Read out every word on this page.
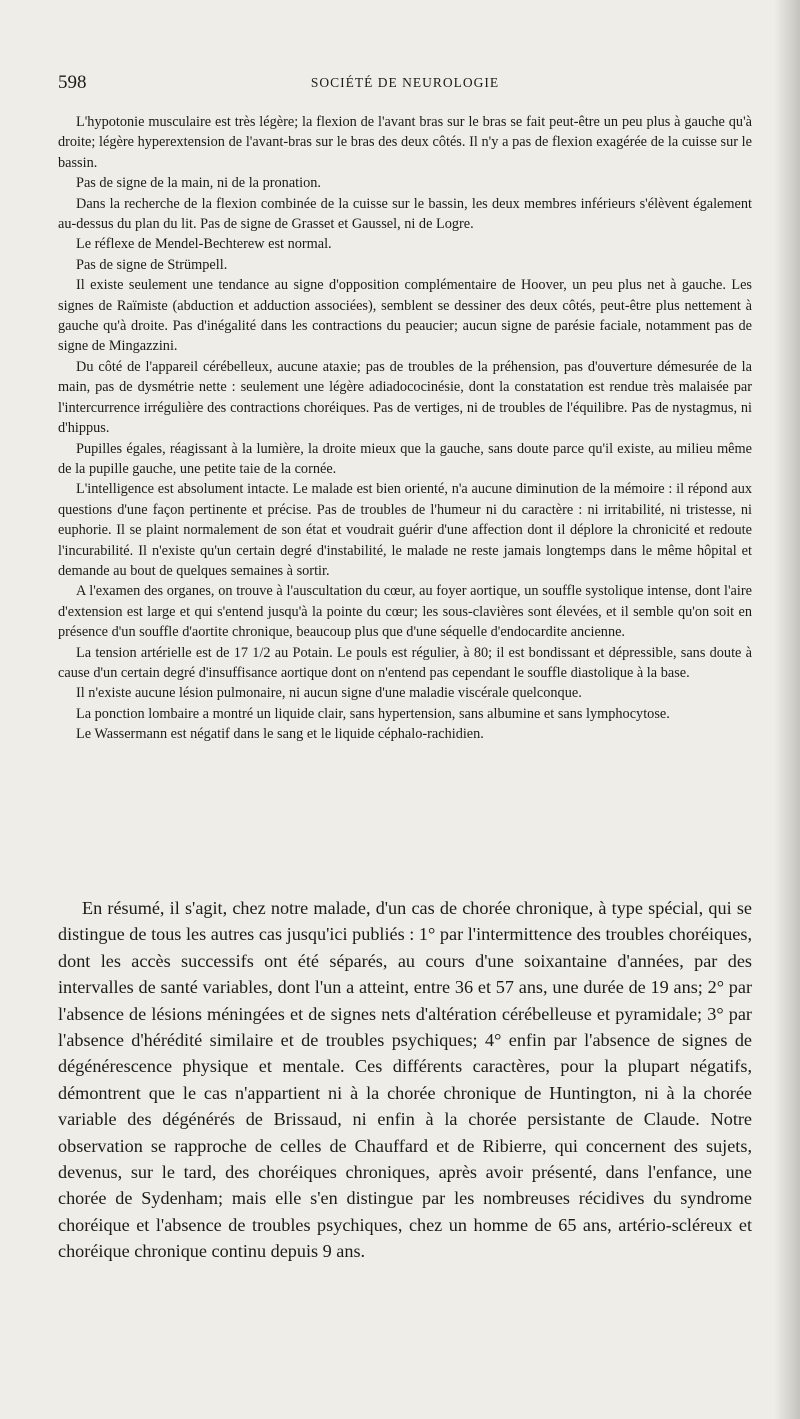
598	SOCIÉTÉ DE NEUROLOGIE

L'hypotonie musculaire est très légère; la flexion de l'avant bras sur le bras se fait peut-être un peu plus à gauche qu'à droite; légère hyperextension de l'avant-bras sur le bras des deux côtés. Il n'y a pas de flexion exagérée de la cuisse sur le bassin.

Pas de signe de la main, ni de la pronation.

Dans la recherche de la flexion combinée de la cuisse sur le bassin, les deux membres inférieurs s'élèvent également au-dessus du plan du lit. Pas de signe de Grasset et Gaussel, ni de Logre.

Le réflexe de Mendel-Bechterew est normal.

Pas de signe de Strümpell.

Il existe seulement une tendance au signe d'opposition complémentaire de Hoover, un peu plus net à gauche. Les signes de Raïmiste (abduction et adduction associées), semblent se dessiner des deux côtés, peut-être plus nettement à gauche qu'à droite. Pas d'inégalité dans les contractions du peaucier; aucun signe de parésie faciale, notamment pas de signe de Mingazzini.

Du côté de l'appareil cérébelleux, aucune ataxie; pas de troubles de la préhension, pas d'ouverture démesurée de la main, pas de dysmétrie nette : seulement une légère adiadococinésie, dont la constatation est rendue très malaisée par l'intercurrence irrégulière des contractions choréiques. Pas de vertiges, ni de troubles de l'équilibre. Pas de nystagmus, ni d'hippus.

Pupilles égales, réagissant à la lumière, la droite mieux que la gauche, sans doute parce qu'il existe, au milieu même de la pupille gauche, une petite taie de la cornée.

L'intelligence est absolument intacte. Le malade est bien orienté, n'a aucune diminution de la mémoire : il répond aux questions d'une façon pertinente et précise. Pas de troubles de l'humeur ni du caractère : ni irritabilité, ni tristesse, ni euphorie. Il se plaint normalement de son état et voudrait guérir d'une affection dont il déplore la chronicité et redoute l'incurabilité. Il n'existe qu'un certain degré d'instabilité, le malade ne reste jamais longtemps dans le même hôpital et demande au bout de quelques semaines à sortir.

A l'examen des organes, on trouve à l'auscultation du cœur, au foyer aortique, un souffle systolique intense, dont l'aire d'extension est large et qui s'entend jusqu'à la pointe du cœur; les sous-clavières sont élevées, et il semble qu'on soit en présence d'un souffle d'aortite chronique, beaucoup plus que d'une séquelle d'endocardite ancienne.

La tension artérielle est de 17 1/2 au Potain. Le pouls est régulier, à 80; il est bondissant et dépressible, sans doute à cause d'un certain degré d'insuffisance aortique dont on n'entend pas cependant le souffle diastolique à la base.

Il n'existe aucune lésion pulmonaire, ni aucun signe d'une maladie viscérale quelconque.

La ponction lombaire a montré un liquide clair, sans hypertension, sans albumine et sans lymphocytose.

Le Wassermann est négatif dans le sang et le liquide céphalo-rachidien.

En résumé, il s'agit, chez notre malade, d'un cas de chorée chronique, à type spécial, qui se distingue de tous les autres cas jusqu'ici publiés : 1° par l'intermittence des troubles choréiques, dont les accès successifs ont été séparés, au cours d'une soixantaine d'années, par des intervalles de santé variables, dont l'un a atteint, entre 36 et 57 ans, une durée de 19 ans; 2° par l'absence de lésions méningées et de signes nets d'altération cérébelleuse et pyramidale; 3° par l'absence d'hérédité similaire et de troubles psychiques; 4° enfin par l'absence de signes de dégénérescence physique et mentale. Ces différents caractères, pour la plupart négatifs, démontrent que le cas n'appartient ni à la chorée chronique de Huntington, ni à la chorée variable des dégénérés de Brissaud, ni enfin à la chorée persistante de Claude. Notre observation se rapproche de celles de Chauffard et de Ribierre, qui concernent des sujets, devenus, sur le tard, des choréiques chroniques, après avoir présenté, dans l'enfance, une chorée de Sydenham; mais elle s'en distingue par les nombreuses récidives du syndrome choréique et l'absence de troubles psychiques, chez un homme de 65 ans, artério-scléreux et choréique chronique continu depuis 9 ans.
